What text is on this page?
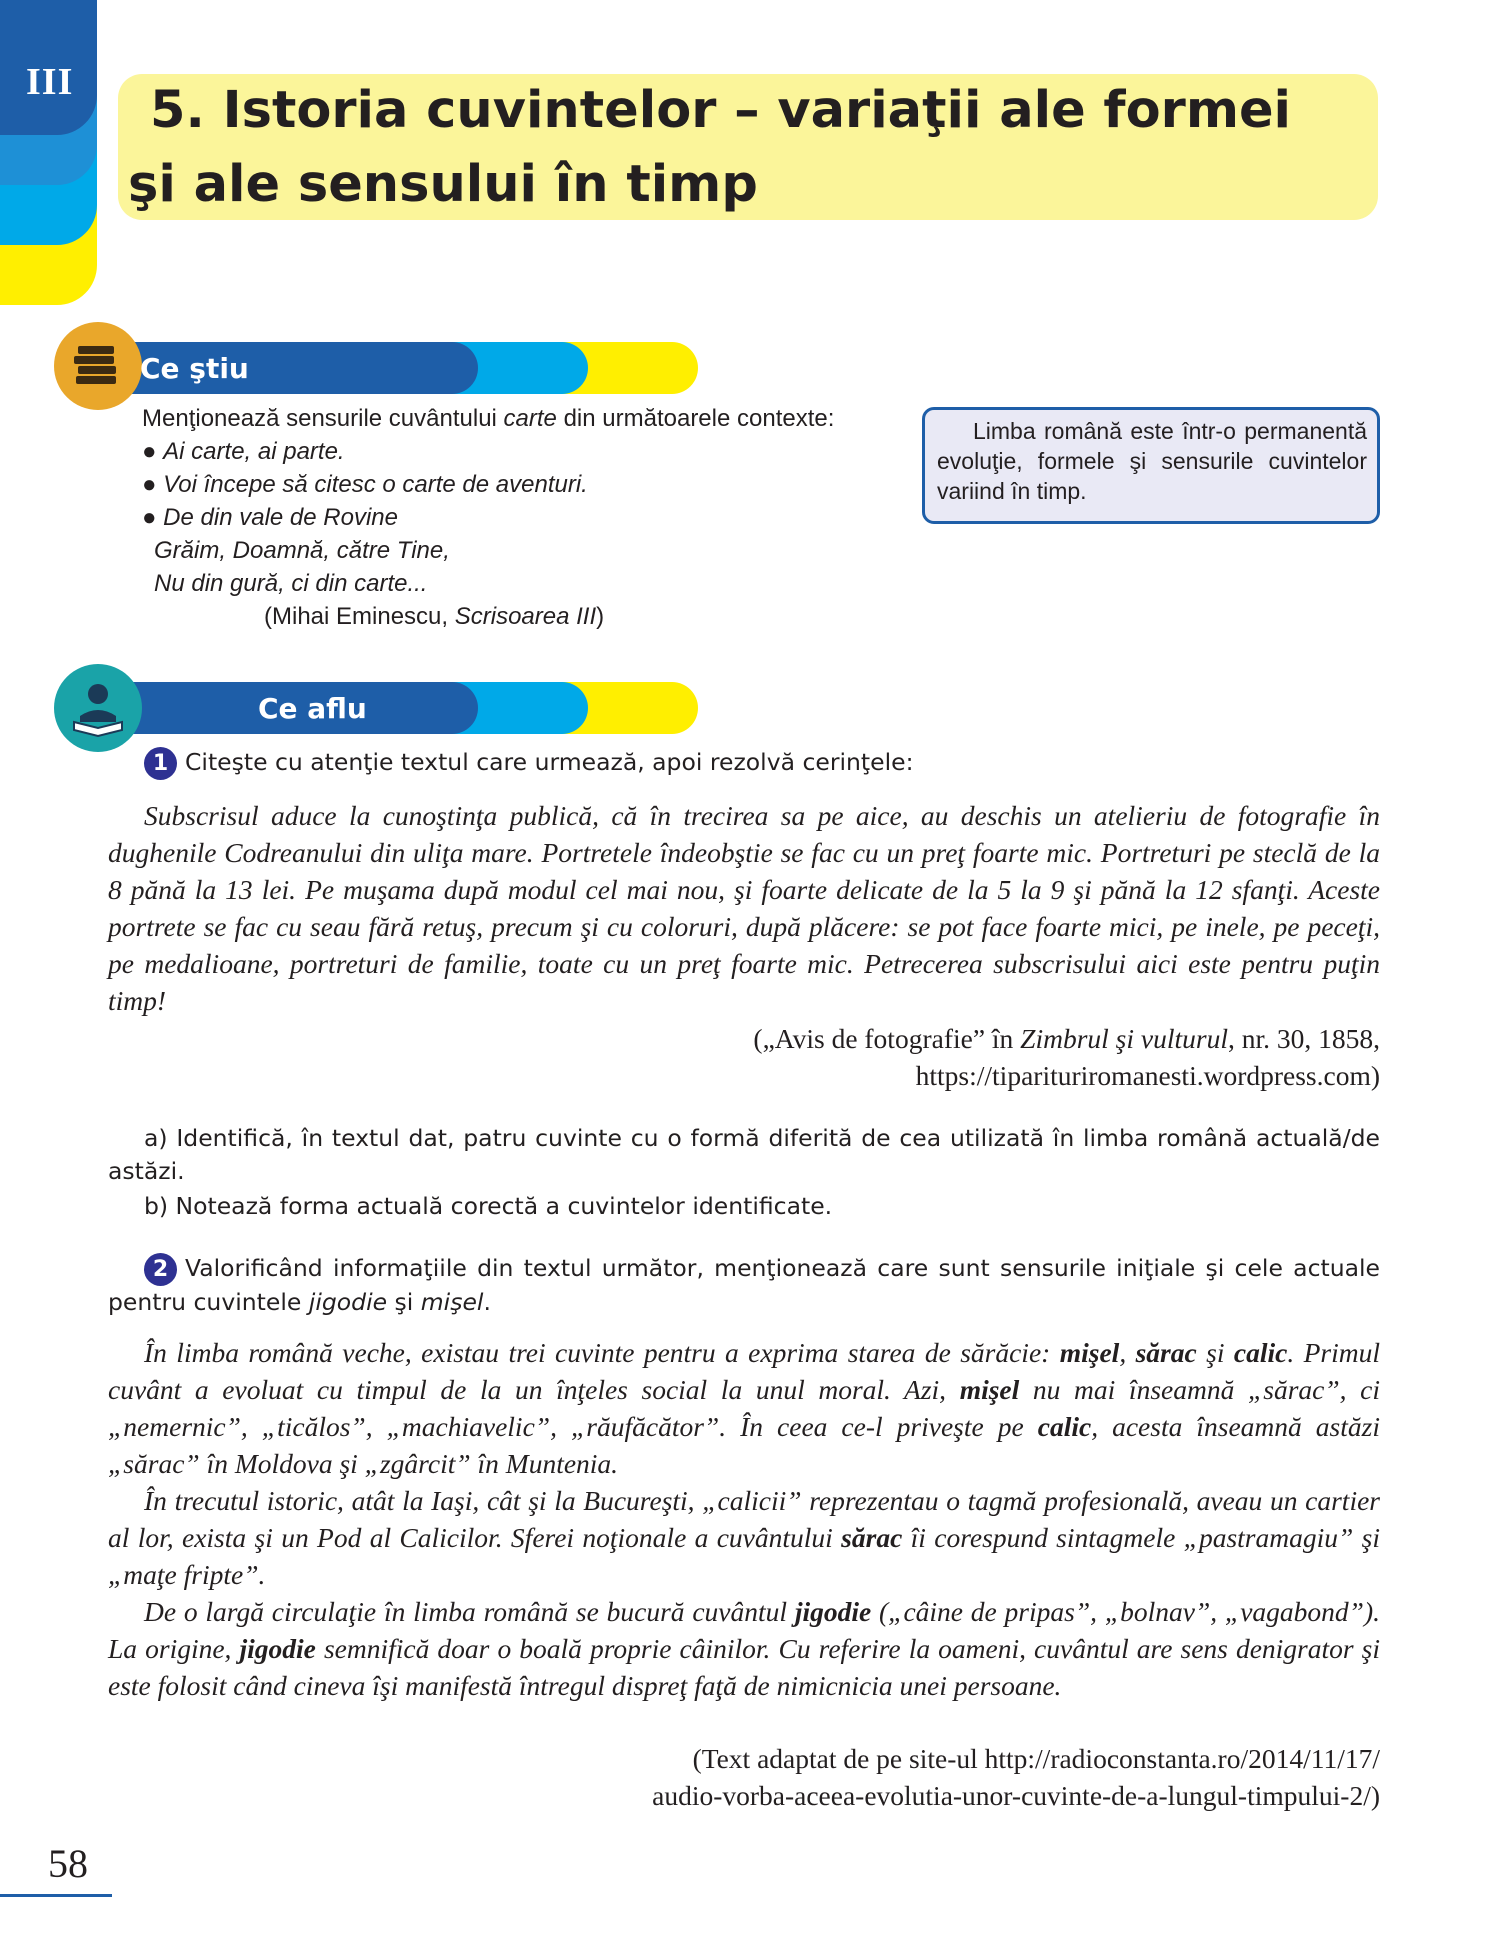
III	5. Istoria cuvintelor – variaţii ale formei
şi ale sensului în timp
Ce ştiu
Menţionează sensurile cuvântului carte din următoarele contexte:
● Ai carte, ai parte.
● Voi începe să citesc o carte de aventuri.
● De din vale de Rovine
Grăim, Doamnă, către Tine,
Nu din gură, ci din carte...
(Mihai Eminescu, Scrisoarea III)
Limba română este într-o permanentă evoluţie, formele şi sensurile cuvintelor variind în timp.
Ce aflu
1 Citeşte cu atenţie textul care urmează, apoi rezolvă cerinţele:
Subscrisul aduce la cunoştinţa publică, că în trecirea sa pe aice, au deschis un atelieriu de fotografie în dughenile Codreanului din uliţa mare. Portretele îndeobştie se fac cu un preţ foarte mic. Portreturi pe steclă de la 8 pănă la 13 lei. Pe muşama după modul cel mai nou, şi foarte delicate de la 5 la 9 şi pănă la 12 sfanţi. Aceste portrete se fac cu seau fără retuş, precum şi cu coloruri, după plăcere: se pot face foarte mici, pe inele, pe peceţi, pe medalioane, portreturi de familie, toate cu un preţ foarte mic. Petrecerea subscrisului aici este pentru puţin timp!
(„Avis de fotografie” în Zimbrul şi vulturul, nr. 30, 1858,
https://tiparituriromanesti.wordpress.com)
a) Identifică, în textul dat, patru cuvinte cu o formă diferită de cea utilizată în limba română actuală/de astăzi.
b) Notează forma actuală corectă a cuvintelor identificate.
2 Valorificând informaţiile din textul următor, menţionează care sunt sensurile iniţiale şi cele actuale pentru cuvintele jigodie şi mişel.
În limba română veche, existau trei cuvinte pentru a exprima starea de sărăcie: mişel, sărac şi calic. Primul cuvânt a evoluat cu timpul de la un înţeles social la unul moral. Azi, mişel nu mai înseamnă „sărac”, ci „nemernic”, „ticălos”, „machiavelic”, „răufăcător”. În ceea ce-l priveşte pe calic, acesta înseamnă astăzi „sărac” în Moldova şi „zgârcit” în Muntenia.
În trecutul istoric, atât la Iaşi, cât şi la Bucureşti, „calicii” reprezentau o tagmă profesională, aveau un cartier al lor, exista şi un Pod al Calicilor. Sferei noţionale a cuvântului sărac îi corespund sintagmele „pastramagiu” şi „maţe fripte”.
De o largă circulaţie în limba română se bucură cuvântul jigodie („câine de pripas”, „bolnav”, „vagabond”). La origine, jigodie semnifică doar o boală proprie câinilor. Cu referire la oameni, cuvântul are sens denigrator şi este folosit când cineva îşi manifestă întregul dispreţ faţă de nimicnicia unei persoane.
(Text adaptat de pe site-ul http://radioconstanta.ro/2014/11/17/
audio-vorba-aceea-evolutia-unor-cuvinte-de-a-lungul-timpului-2/)
58
